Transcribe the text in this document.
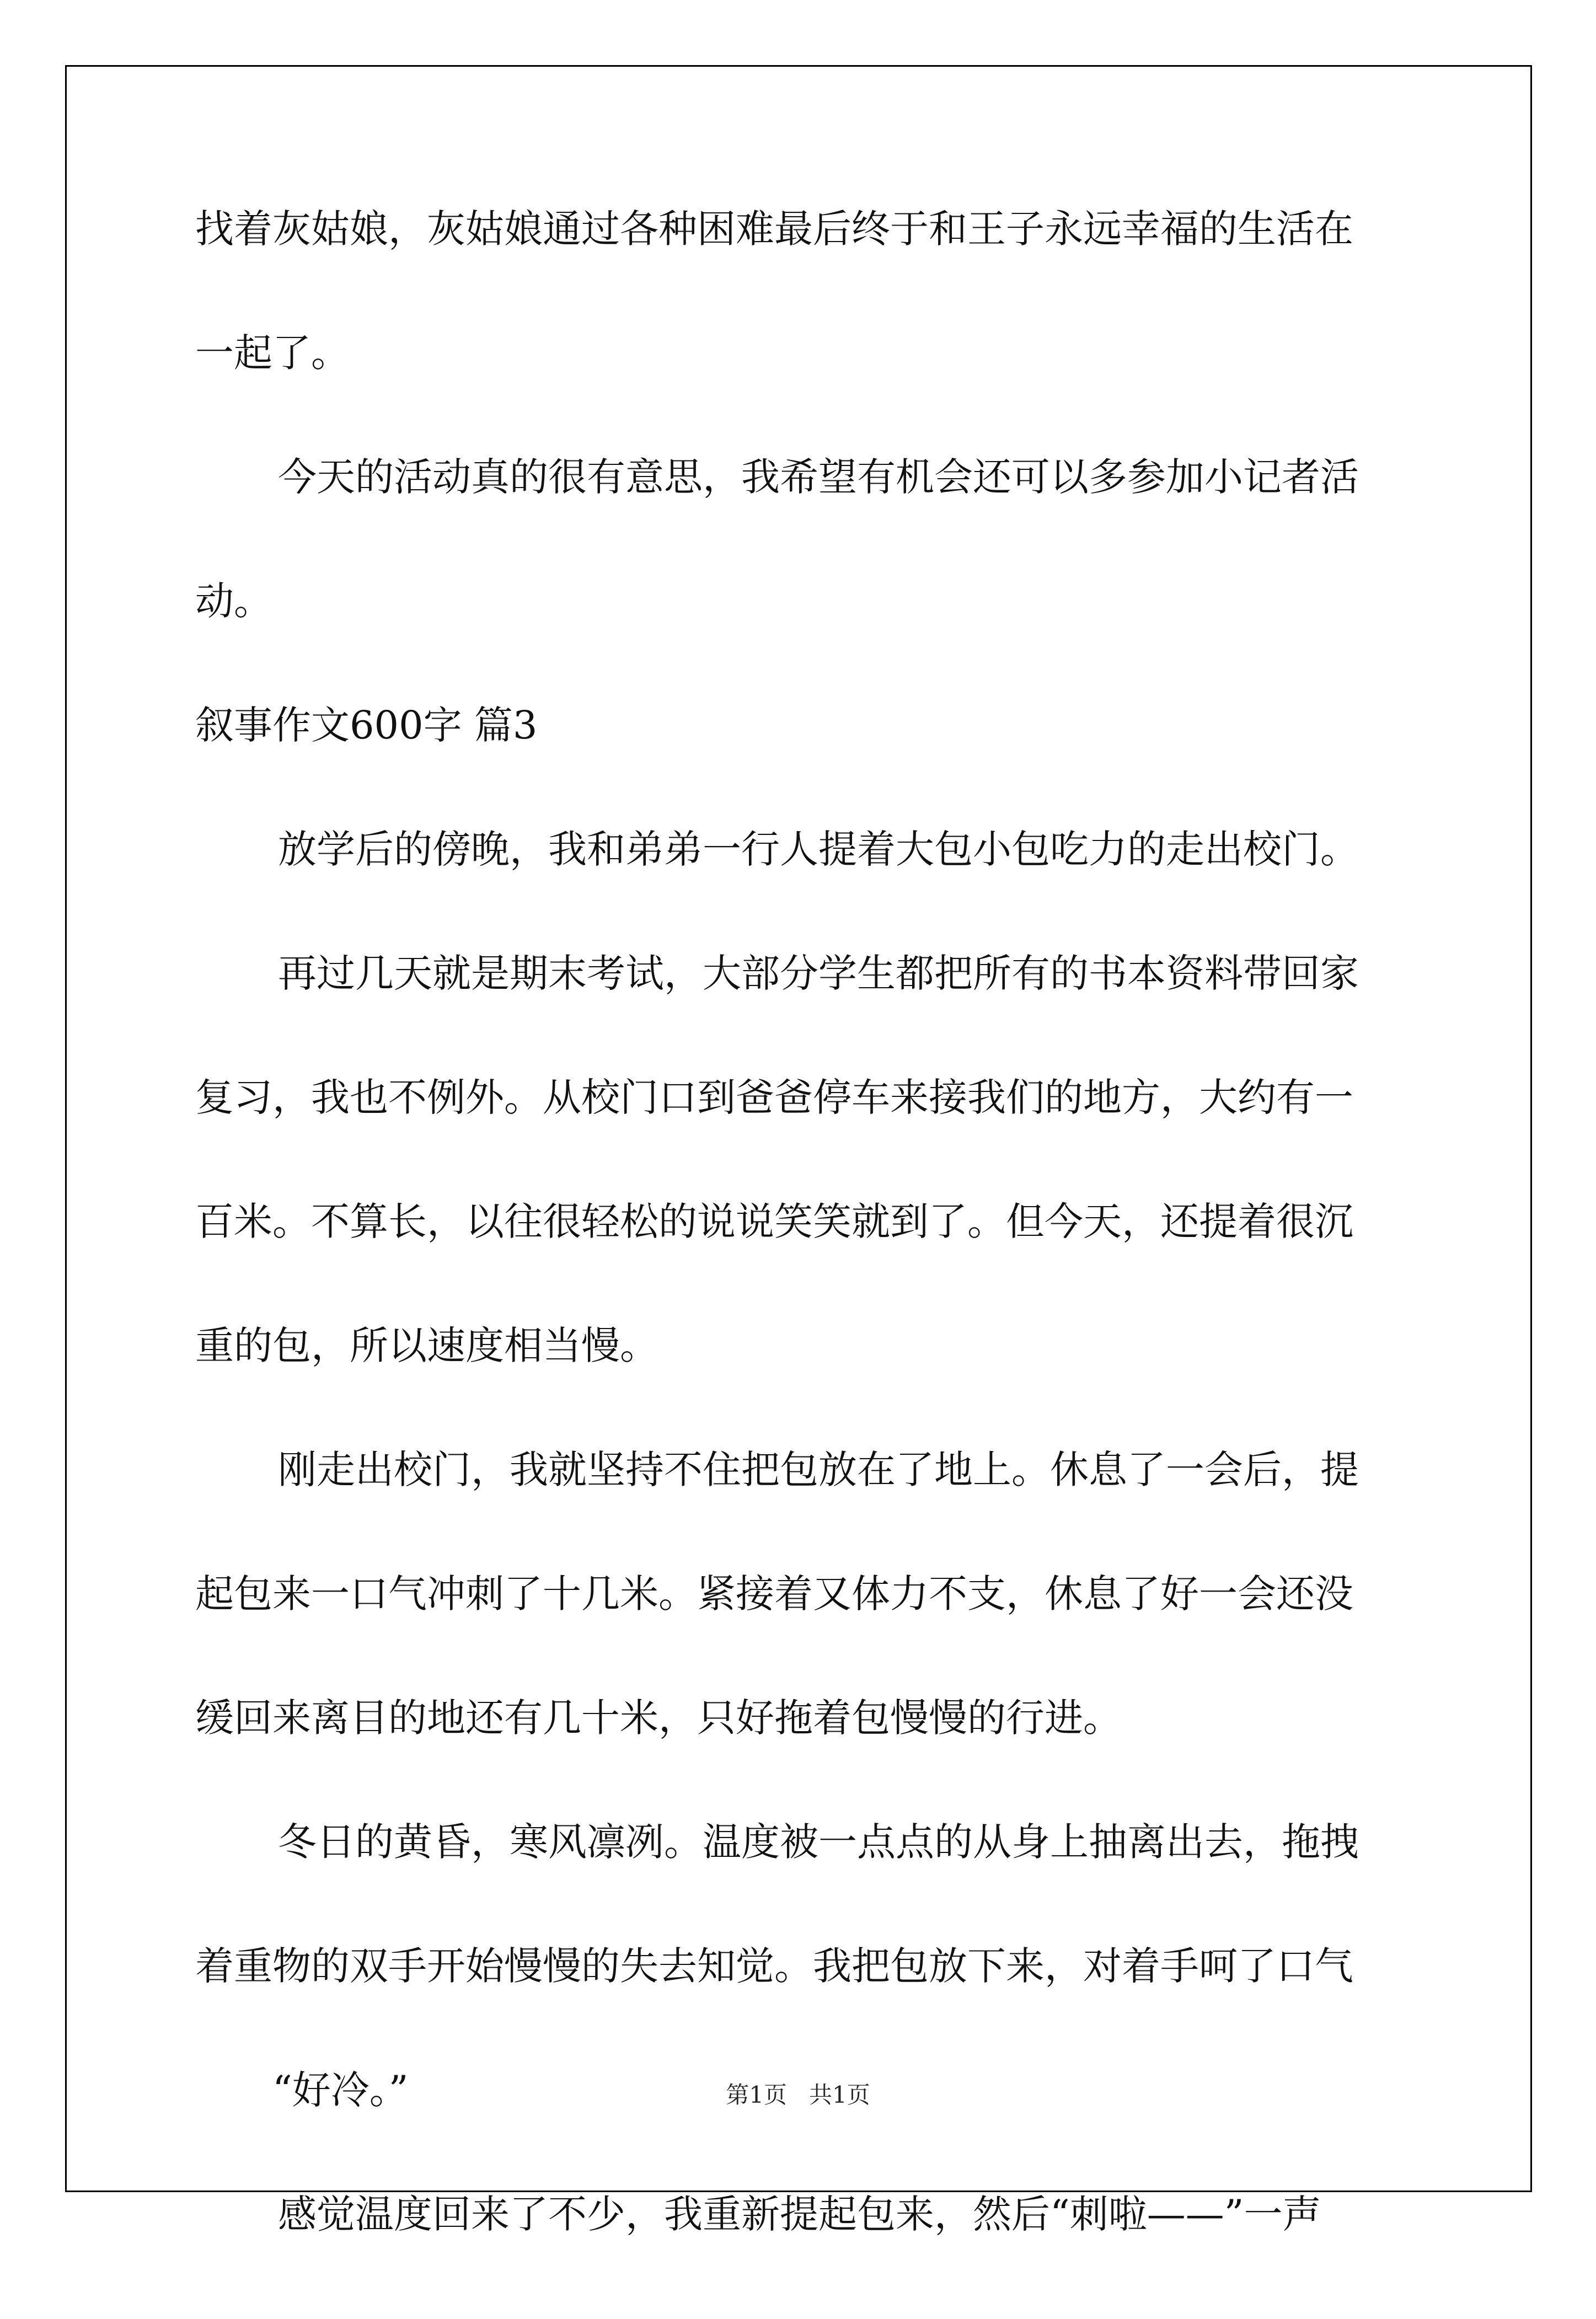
找着灰姑娘，灰姑娘通过各种困难最后终于和王子永远幸福的生活在
一起了。
今天的活动真的很有意思，我希望有机会还可以多参加小记者活
动。
叙事作文600字 篇3
放学后的傍晚，我和弟弟一行人提着大包小包吃力的走出校门。
再过几天就是期末考试，大部分学生都把所有的书本资料带回家
复习，我也不例外。从校门口到爸爸停车来接我们的地方，大约有一
百米。不算长，以往很轻松的说说笑笑就到了。但今天，还提着很沉
重的包，所以速度相当慢。
刚走出校门，我就坚持不住把包放在了地上。休息了一会后，提
起包来一口气冲刺了十几米。紧接着又体力不支，休息了好一会还没
缓回来离目的地还有几十米，只好拖着包慢慢的行进。
冬日的黄昏，寒风凛冽。温度被一点点的从身上抽离出去，拖拽
着重物的双手开始慢慢的失去知觉。我把包放下来，对着手呵了口气
“好冷。”
感觉温度回来了不少，我重新提起包来，然后“刺啦——”一声
第1页   共1页
